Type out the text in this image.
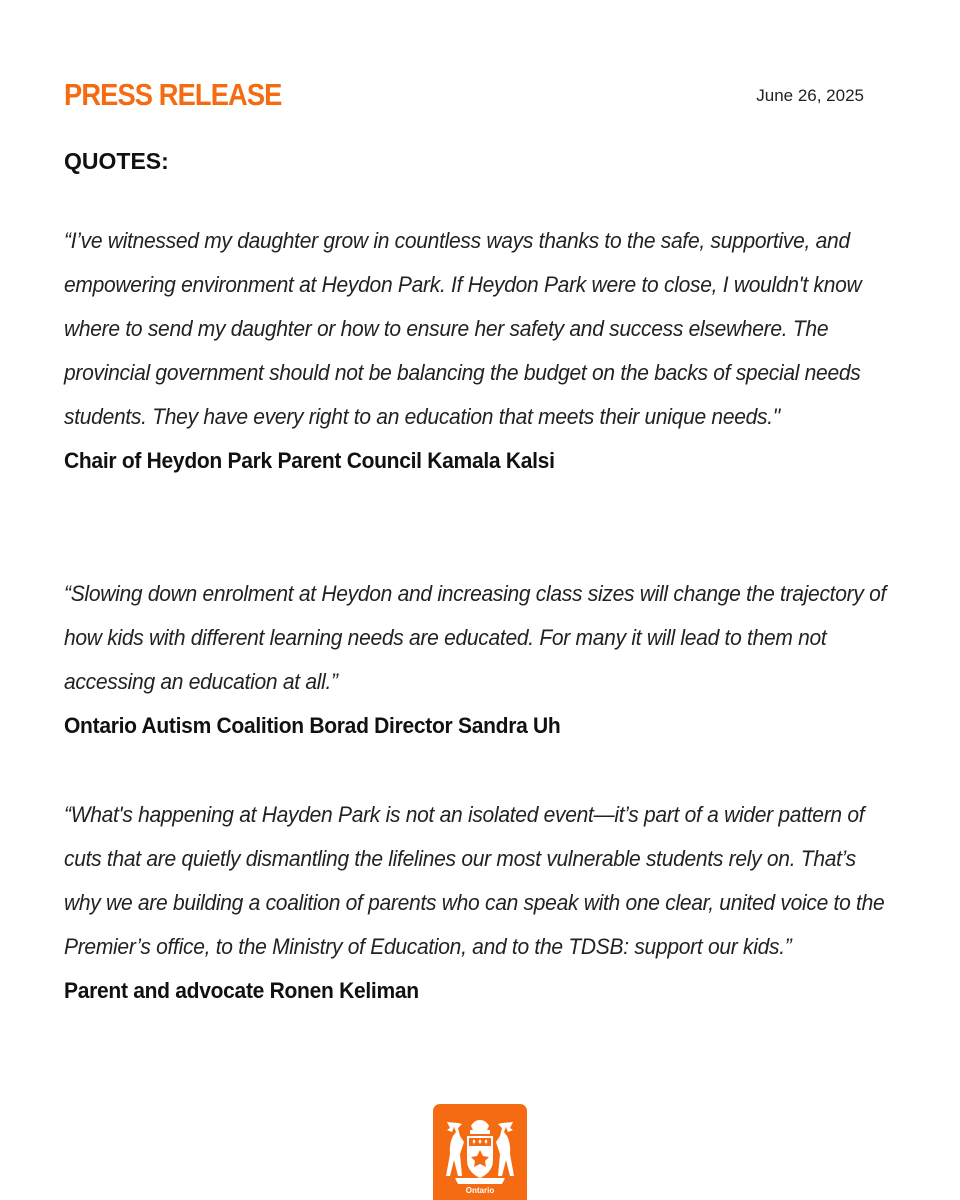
PRESS RELEASE	June 26, 2025
QUOTES:

“I’ve witnessed my daughter grow in countless ways thanks to the safe, supportive, and empowering environment at Heydon Park. If Heydon Park were to close, I wouldn't know where to send my daughter or how to ensure her safety and success elsewhere. The provincial government should not be balancing the budget on the backs of special needs students. They have every right to an education that meets their unique needs."

Chair of Heydon Park Parent Council Kamala Kalsi

“Slowing down enrolment at Heydon and increasing class sizes will change the trajectory of how kids with different learning needs are educated. For many it will lead to them not accessing an education at all.”

Ontario Autism Coalition Borad Director Sandra Uh

“What's happening at Hayden Park is not an isolated event—it’s part of a wider pattern of cuts that are quietly dismantling the lifelines our most vulnerable students rely on. That’s why we are building a coalition of parents who can speak with one clear, united voice to the Premier’s office, to the Ministry of Education, and to the TDSB: support our kids.”

Parent and advocate Ronen Keliman

Ontario
